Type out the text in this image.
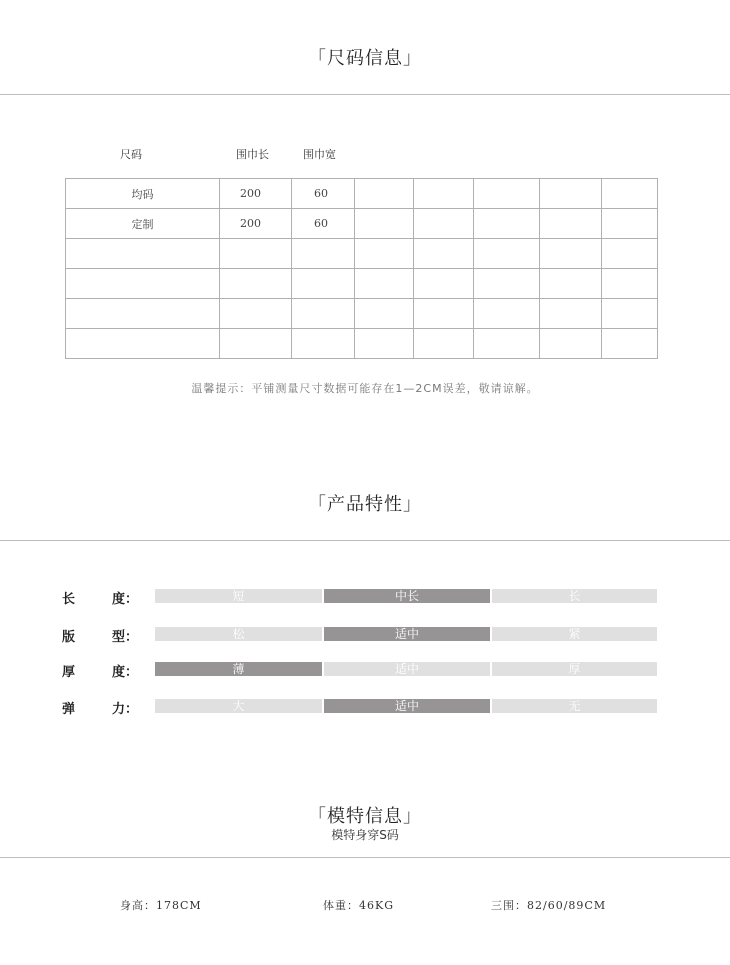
「尺码信息」
尺码	围巾长	围巾宽
均码	200	60					
定制	200	60					

温馨提示：平铺测量尺寸数据可能存在1—2CM误差，敬请谅解。
「产品特性」
长	度：	短	中长	长
版	型：	松	适中	紧
厚	度：	薄	适中	厚
弹	力：	大	适中	无
「模特信息」
模特身穿S码
身高：178CM	体重：46KG	三围：82/60/89CM
